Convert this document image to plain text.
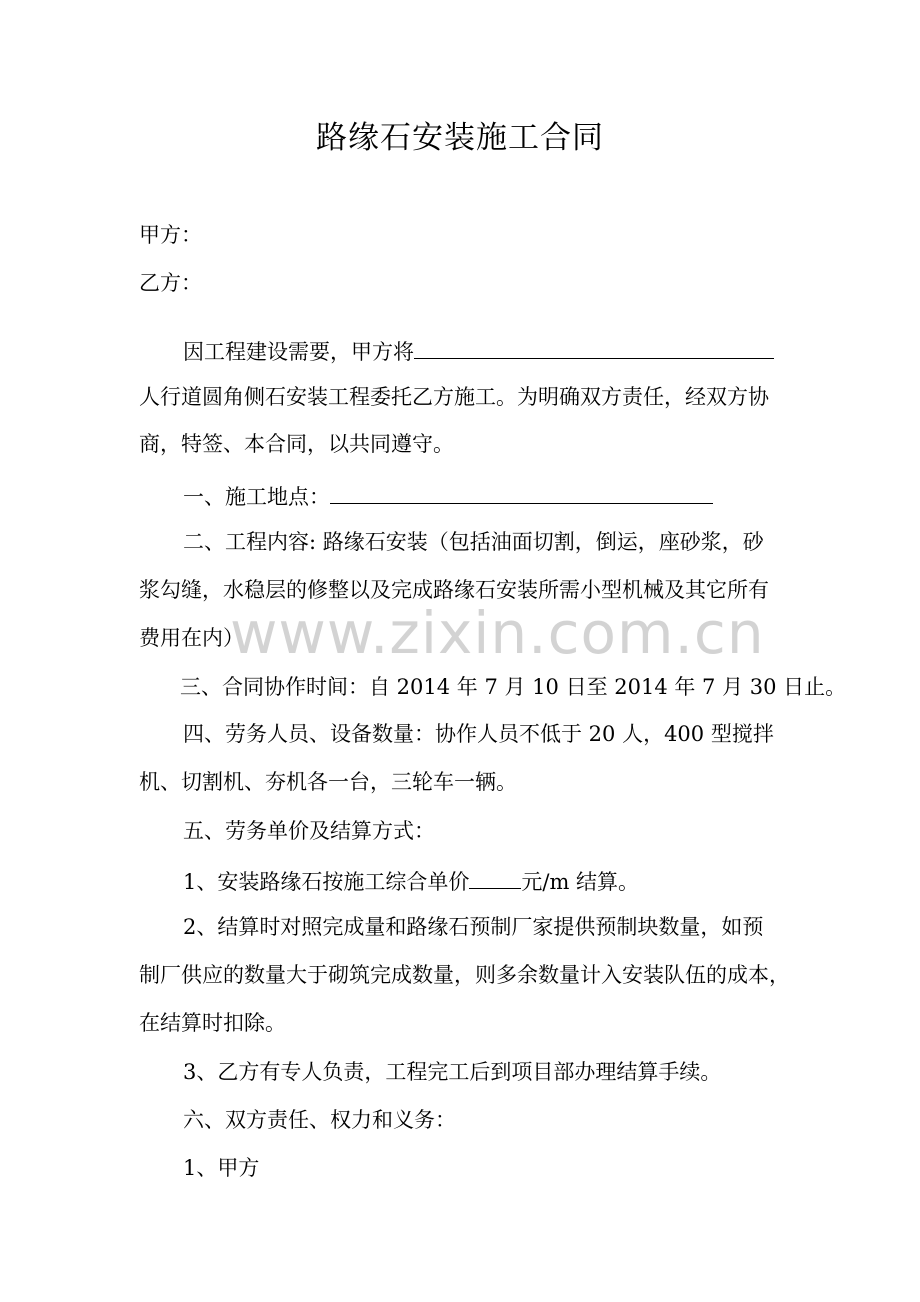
路缘石安装施工合同
甲方：
乙方：
因工程建设需要，甲方将
人行道圆角侧石安装工程委托乙方施工。为明确双方责任，经双方协
商，特签、本合同，以共同遵守。
一、施工地点：
二、工程内容: 路缘石安装（包括油面切割，倒运，座砂浆，砂
浆勾缝，水稳层的修整以及完成路缘石安装所需小型机械及其它所有
费用在内）
三、合同协作时间：自 2014 年 7 月 10 日至 2014 年 7 月 30 日止。
四、劳务人员、设备数量：协作人员不低于 20 人，400 型搅拌
机、切割机、夯机各一台，三轮车一辆。
五、劳务单价及结算方式：
1、安装路缘石按施工综合单价 元/m 结算。
2、结算时对照完成量和路缘石预制厂家提供预制块数量，如预
制厂供应的数量大于砌筑完成数量，则多余数量计入安装队伍的成本，
在结算时扣除。
3、乙方有专人负责，工程完工后到项目部办理结算手续。
六、双方责任、权力和义务：
1、甲方
www.zixin.com.cn
